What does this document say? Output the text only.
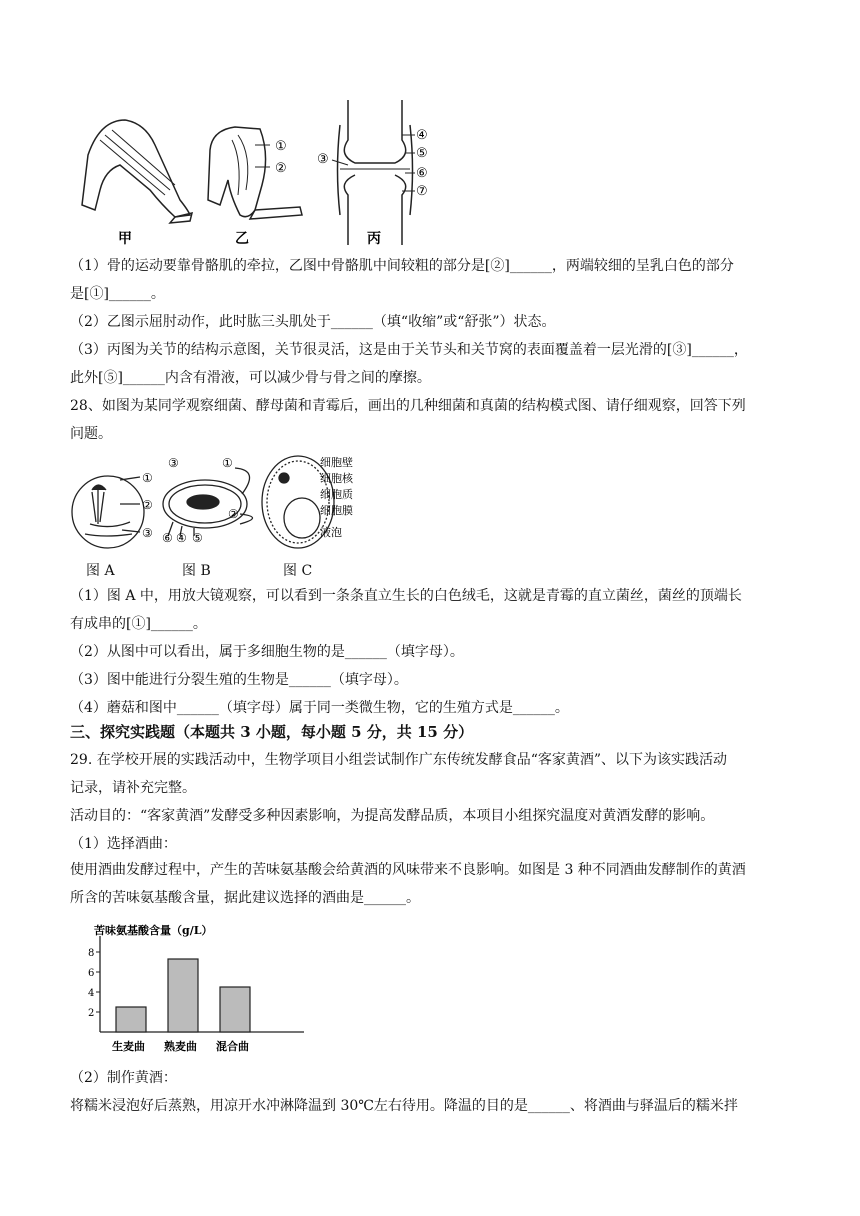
①
②
③
④
⑤
⑥
⑦
甲	乙	丙
（1）骨的运动要靠骨骼肌的牵拉，乙图中骨骼肌中间较粗的部分是[②]______，两端较细的呈乳白色的部分
是[①]______。
（2）乙图示屈肘动作，此时肱三头肌处于______（填“收缩”或“舒张”）状态。
（3）丙图为关节的结构示意图，关节很灵活，这是由于关节头和关节窝的表面覆盖着一层光滑的[③]______，
此外[⑤]______内含有滑液，可以减少骨与骨之间的摩擦。
28、如图为某同学观察细菌、酵母菌和青霉后，画出的几种细菌和真菌的结构模式图、请仔细观察，回答下列
问题。
①
②
③
③	①
②
⑥ ④ ⑤
细胞壁
细胞核
细胞质
细胞膜
液泡
图 A	图 B	图 C
（1）图 A 中，用放大镜观察，可以看到一条条直立生长的白色绒毛，这就是青霉的直立菌丝，菌丝的顶端长
有成串的[①]______。
（2）从图中可以看出，属于多细胞生物的是______（填字母）。
（3）图中能进行分裂生殖的生物是______（填字母）。
（4）蘑菇和图中______（填字母）属于同一类微生物，它的生殖方式是______。
三、探究实践题（本题共 3 小题，每小题 5 分，共 15 分）
29. 在学校开展的实践活动中，生物学项目小组尝试制作广东传统发酵食品“客家黄酒”、以下为该实践活动
记录，请补充完整。
活动目的：“客家黄酒”发酵受多种因素影响，为提高发酵品质，本项目小组探究温度对黄酒发酵的影响。
（1）选择酒曲：
使用酒曲发酵过程中，产生的苦味氨基酸会给黄酒的风味带来不良影响。如图是 3 种不同酒曲发酵制作的黄酒
所含的苦味氨基酸含量，据此建议选择的酒曲是______。
苦味氨基酸含量（g/L）
2
4
6
8
生麦曲 熟麦曲 混合曲
（2）制作黄酒：
将糯米浸泡好后蒸熟，用凉开水冲淋降温到 30℃左右待用。降温的目的是______、将酒曲与驿温后的糯米拌
